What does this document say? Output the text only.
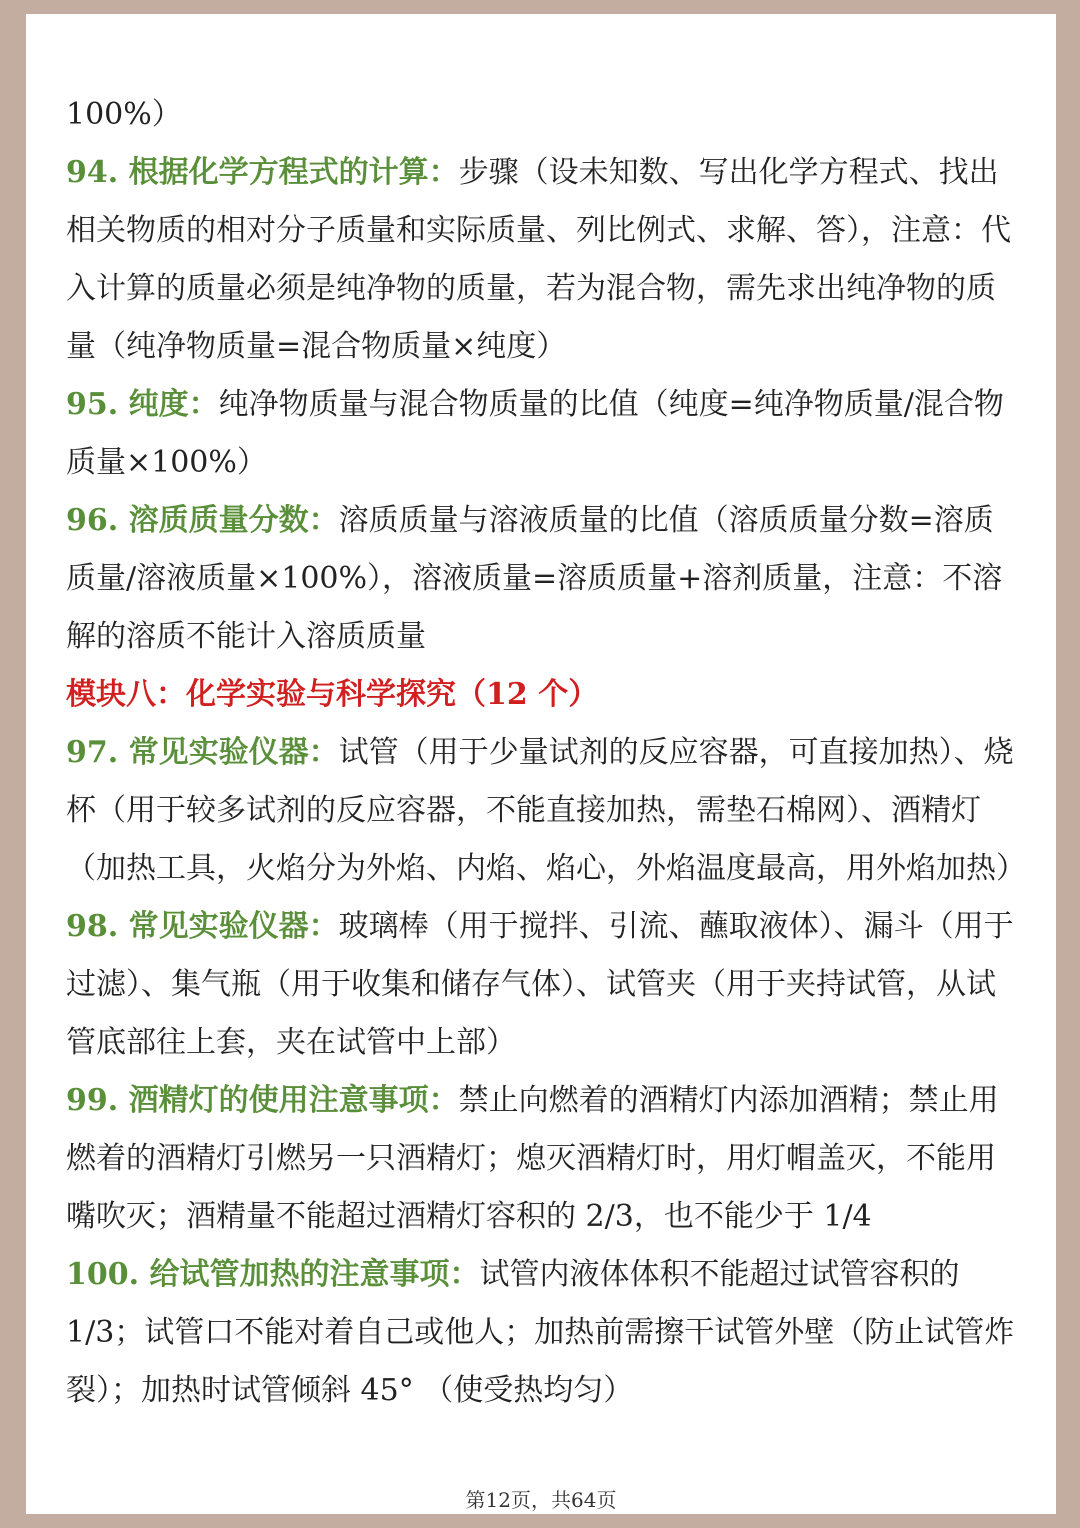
100%）

94. 根据化学方程式的计算：步骤（设未知数、写出化学方程式、找出相关物质的相对分子质量和实际质量、列比例式、求解、答），注意：代入计算的质量必须是纯净物的质量，若为混合物，需先求出纯净物的质量（纯净物质量=混合物质量×纯度）

95. 纯度：纯净物质量与混合物质量的比值（纯度=纯净物质量/混合物质量×100%）

96. 溶质质量分数：溶质质量与溶液质量的比值（溶质质量分数=溶质质量/溶液质量×100%），溶液质量=溶质质量+溶剂质量，注意：不溶解的溶质不能计入溶质质量

模块八：化学实验与科学探究（12 个）

97. 常见实验仪器：试管（用于少量试剂的反应容器，可直接加热）、烧杯（用于较多试剂的反应容器，不能直接加热，需垫石棉网）、酒精灯（加热工具，火焰分为外焰、内焰、焰心，外焰温度最高，用外焰加热）

98. 常见实验仪器：玻璃棒（用于搅拌、引流、蘸取液体）、漏斗（用于过滤）、集气瓶（用于收集和储存气体）、试管夹（用于夹持试管，从试管底部往上套，夹在试管中上部）

99. 酒精灯的使用注意事项：禁止向燃着的酒精灯内添加酒精；禁止用燃着的酒精灯引燃另一只酒精灯；熄灭酒精灯时，用灯帽盖灭，不能用嘴吹灭；酒精量不能超过酒精灯容积的 2/3，也不能少于 1/4

100. 给试管加热的注意事项：试管内液体体积不能超过试管容积的 1/3；试管口不能对着自己或他人；加热前需擦干试管外壁（防止试管炸裂）；加热时试管倾斜 45° （使受热均匀）

第12页，共64页
